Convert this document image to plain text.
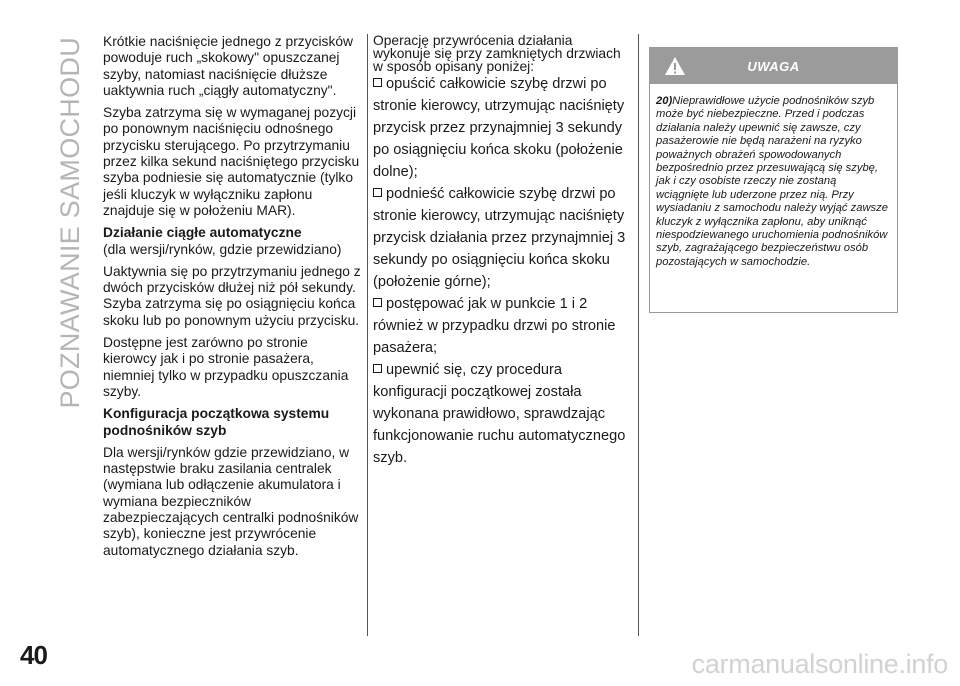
POZNAWANIE SAMOCHODU
40

Krótkie naciśnięcie jednego z przycisków powoduje ruch „skokowy" opuszczanej szyby, natomiast naciśnięcie dłuższe uaktywnia ruch „ciągły automatyczny".

Szyba zatrzyma się w wymaganej pozycji po ponownym naciśnięciu odnośnego przycisku sterującego. Po przytrzymaniu przez kilka sekund naciśniętego przycisku szyba podniesie się automatycznie (tylko jeśli kluczyk w wyłączniku zapłonu znajduje się w położeniu MAR).

Działanie ciągłe automatyczne

(dla wersji/rynków, gdzie przewidziano)

Uaktywnia się po przytrzymaniu jednego z dwóch przycisków dłużej niż pół sekundy. Szyba zatrzyma się po osiągnięciu końca skoku lub po ponownym użyciu przycisku.

Dostępne jest zarówno po stronie kierowcy jak i po stronie pasażera, niemniej tylko w przypadku opuszczania szyby.

Konfiguracja początkowa systemu podnośników szyb

Dla wersji/rynków gdzie przewidziano, w następstwie braku zasilania centralek (wymiana lub odłączenie akumulatora i wymiana bezpieczników zabezpieczających centralki podnośników szyb), konieczne jest przywrócenie automatycznego działania szyb.

Operację przywrócenia działania wykonuje się przy zamkniętych drzwiach w sposób opisany poniżej:

opuścić całkowicie szybę drzwi po stronie kierowcy, utrzymując naciśnięty przycisk przez przynajmniej 3 sekundy po osiągnięciu końca skoku (położenie dolne);
podnieść całkowicie szybę drzwi po stronie kierowcy, utrzymując naciśnięty przycisk działania przez przynajmniej 3 sekundy po osiągnięciu końca skoku (położenie górne);
postępować jak w punkcie 1 i 2 również w przypadku drzwi po stronie pasażera;
upewnić się, czy procedura konfiguracji początkowej została wykonana prawidłowo, sprawdzając funkcjonowanie ruchu automatycznego szyb.
UWAGA
20)Nieprawidłowe użycie podnośników szyb może być niebezpieczne. Przed i podczas działania należy upewnić się zawsze, czy pasażerowie nie będą narażeni na ryzyko poważnych obrażeń spowodowanych bezpośrednio przez przesuwającą się szybę, jak i czy osobiste rzeczy nie zostaną wciągnięte lub uderzone przez nią. Przy wysiadaniu z samochodu należy wyjąć zawsze kluczyk z wyłącznika zapłonu, aby uniknąć niespodziewanego uruchomienia podnośników szyb, zagrażającego bezpieczeństwu osób pozostających w samochodzie.
carmanualsonline.info
